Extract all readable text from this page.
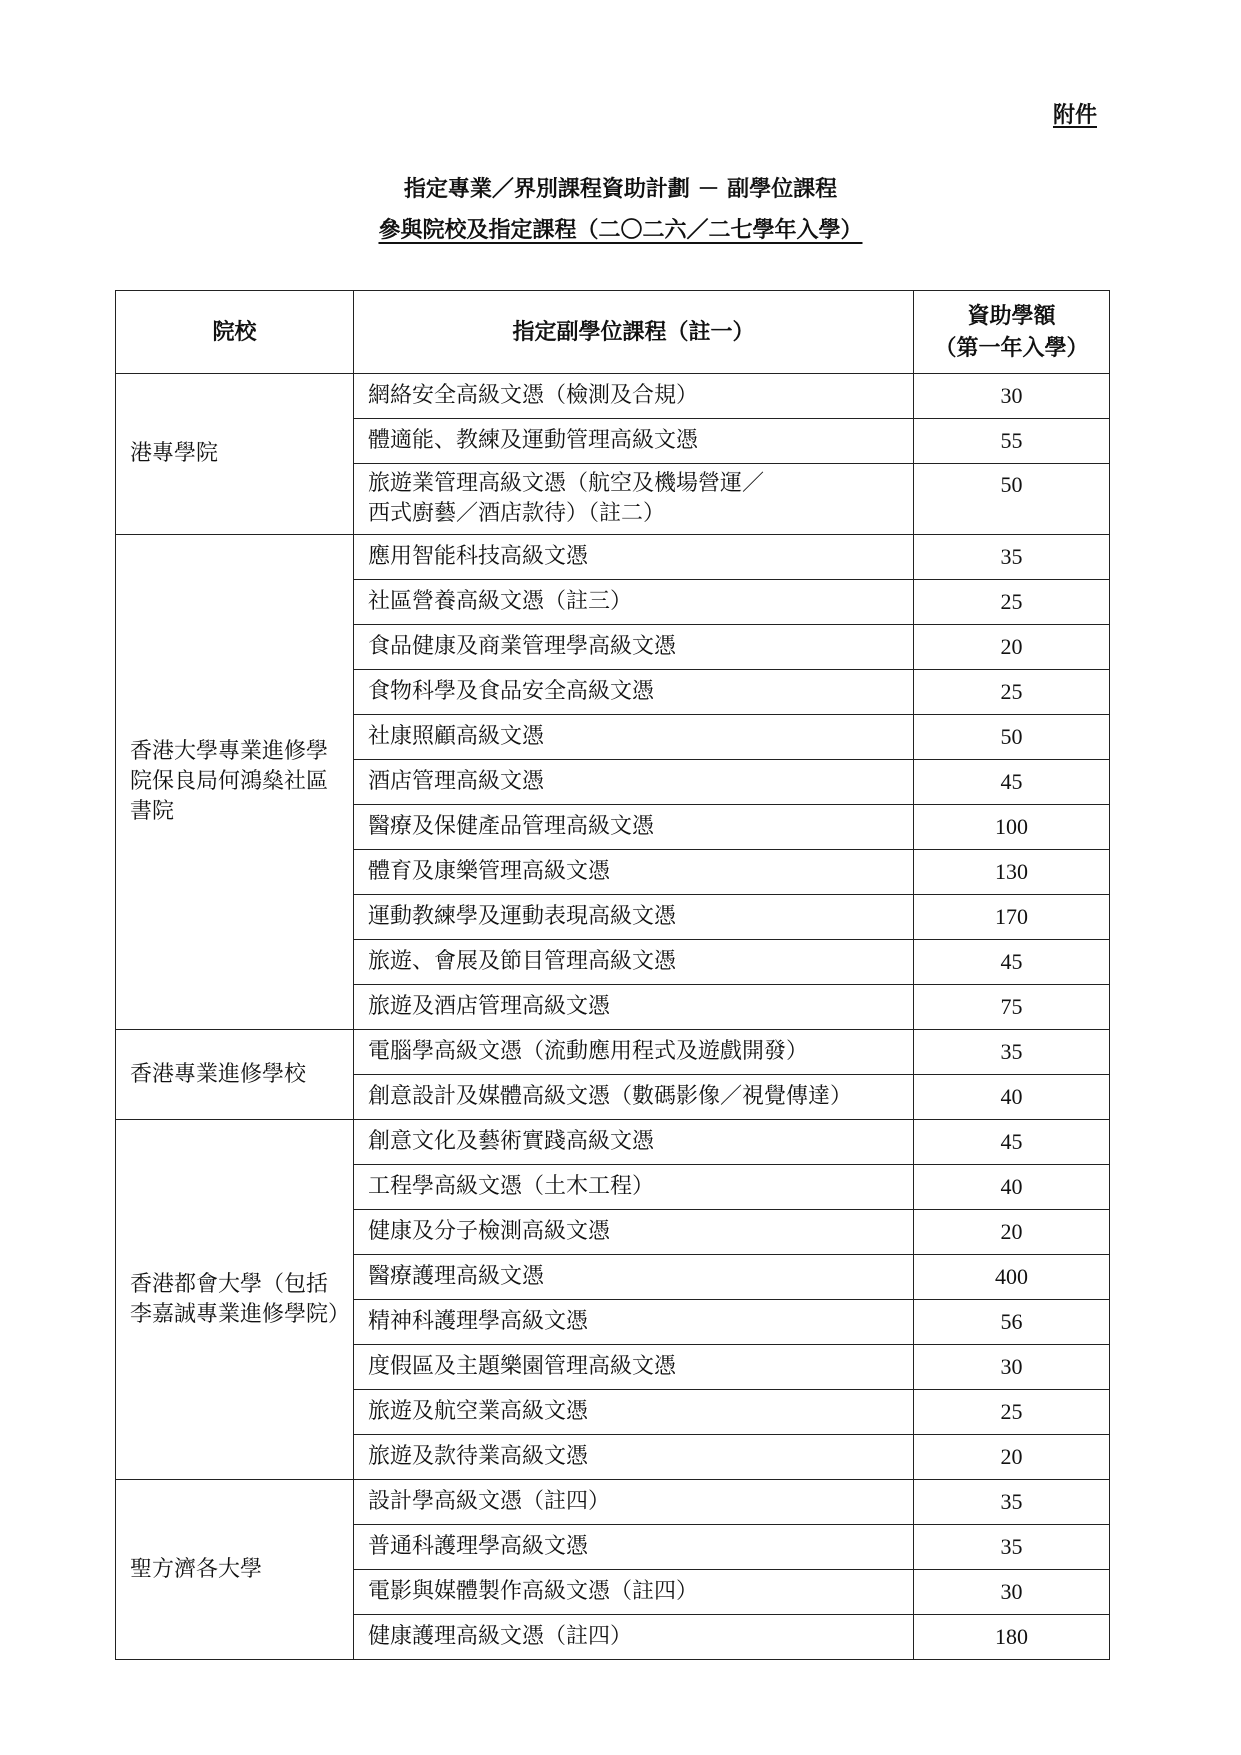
附件
指定專業／界別課程資助計劃 － 副學位課程
參與院校及指定課程（二〇二六／二七學年入學）
院校	指定副學位課程（註一）	資助學額
（第一年入學）

港專學院	網絡安全高級文憑（檢測及合規）	30
	體適能、教練及運動管理高級文憑	55

	旅遊業管理高級文憑（航空及機場營運／
西式廚藝／酒店款待）（註二）	50
香港大學專業進修學院保良局何鴻燊社區書院	應用智能科技高級文憑	35
	社區營養高級文憑（註三）	25
	食品健康及商業管理學高級文憑	20
	食物科學及食品安全高級文憑	25
	社康照顧高級文憑	50
	酒店管理高級文憑	45
	醫療及保健產品管理高級文憑	100
	體育及康樂管理高級文憑	130
	運動教練學及運動表現高級文憑	170
	旅遊、會展及節目管理高級文憑	45
	旅遊及酒店管理高級文憑	75
香港專業進修學校	電腦學高級文憑（流動應用程式及遊戲開發）	35
	創意設計及媒體高級文憑（數碼影像／視覺傳達）	40
香港都會大學（包括李嘉誠專業進修學院）	創意文化及藝術實踐高級文憑	45
	工程學高級文憑（土木工程）	40
	健康及分子檢測高級文憑	20
	醫療護理高級文憑	400
	精神科護理學高級文憑	56
	度假區及主題樂園管理高級文憑	30
	旅遊及航空業高級文憑	25
	旅遊及款待業高級文憑	20
聖方濟各大學	設計學高級文憑（註四）	35
	普通科護理學高級文憑	35
	電影與媒體製作高級文憑（註四）	30
	健康護理高級文憑（註四）	180
